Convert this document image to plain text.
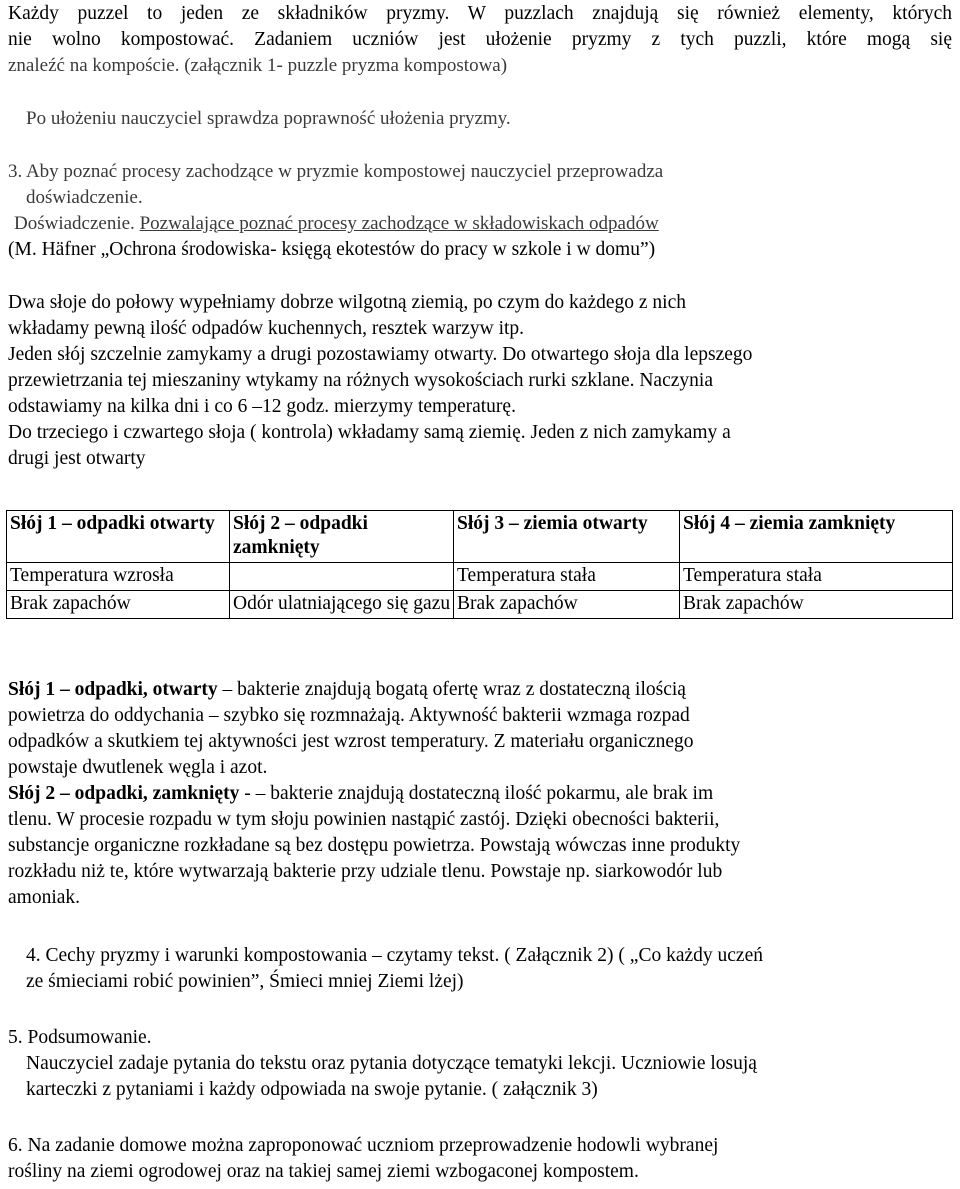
Każdy puzzel to jeden ze składników pryzmy. W puzzlach znajdują się również elementy, których
nie wolno kompostować. Zadaniem uczniów jest ułożenie pryzmy z tych puzzli, które mogą się
znaleźć na kompoście. (załącznik 1- puzzle pryzma kompostowa)
Po ułożeniu nauczyciel sprawdza poprawność ułożenia pryzmy.
3. Aby poznać procesy zachodzące w pryzmie kompostowej nauczyciel przeprowadza
doświadczenie.
Doświadczenie. Pozwalające poznać procesy zachodzące w składowiskach odpadów
(M. Häfner „Ochrona środowiska- księgą ekotestów do pracy w szkole i w domu”)
Dwa słoje do połowy wypełniamy dobrze wilgotną ziemią, po czym do każdego z nich
wkładamy pewną ilość odpadów kuchennych, resztek warzyw itp.
Jeden słój szczelnie zamykamy a drugi pozostawiamy otwarty. Do otwartego słoja dla lepszego
przewietrzania tej mieszaniny wtykamy na różnych wysokościach rurki szklane. Naczynia
odstawiamy na kilka dni i co 6 –12 godz. mierzymy temperaturę.
Do trzeciego i czwartego słoja ( kontrola) wkładamy samą ziemię. Jeden z nich zamykamy a
drugi jest otwarty
Słój 1 – odpadki otwarty	Słój 2 – odpadki zamknięty	Słój 3 – ziemia otwarty	Słój 4 – ziemia zamknięty
Temperatura wzrosła		Temperatura stała	Temperatura stała
Brak zapachów	Odór ulatniającego się gazu	Brak zapachów	Brak zapachów
Słój 1 – odpadki, otwarty – bakterie znajdują bogatą ofertę wraz z dostateczną ilością
powietrza do oddychania – szybko się rozmnażają. Aktywność bakterii wzmaga rozpad
odpadków a skutkiem tej aktywności jest wzrost temperatury. Z materiału organicznego
powstaje dwutlenek węgla i azot.
Słój 2 – odpadki, zamknięty - – bakterie znajdują dostateczną ilość pokarmu, ale brak im
tlenu. W procesie rozpadu w tym słoju powinien nastąpić zastój. Dzięki obecności bakterii,
substancje organiczne rozkładane są bez dostępu powietrza. Powstają wówczas inne produkty
rozkładu niż te, które wytwarzają bakterie przy udziale tlenu. Powstaje np. siarkowodór lub
amoniak.
4. Cechy pryzmy i warunki kompostowania – czytamy tekst. ( Załącznik 2) ( „Co każdy uczeń
ze śmieciami robić powinien”, Śmieci mniej Ziemi lżej)
5. Podsumowanie.
Nauczyciel zadaje pytania do tekstu oraz pytania dotyczące tematyki lekcji. Uczniowie losują
karteczki z pytaniami i każdy odpowiada na swoje pytanie. ( załącznik 3)
6. Na zadanie domowe można zaproponować uczniom przeprowadzenie hodowli wybranej
rośliny na ziemi ogrodowej oraz na takiej samej ziemi wzbogaconej kompostem.
